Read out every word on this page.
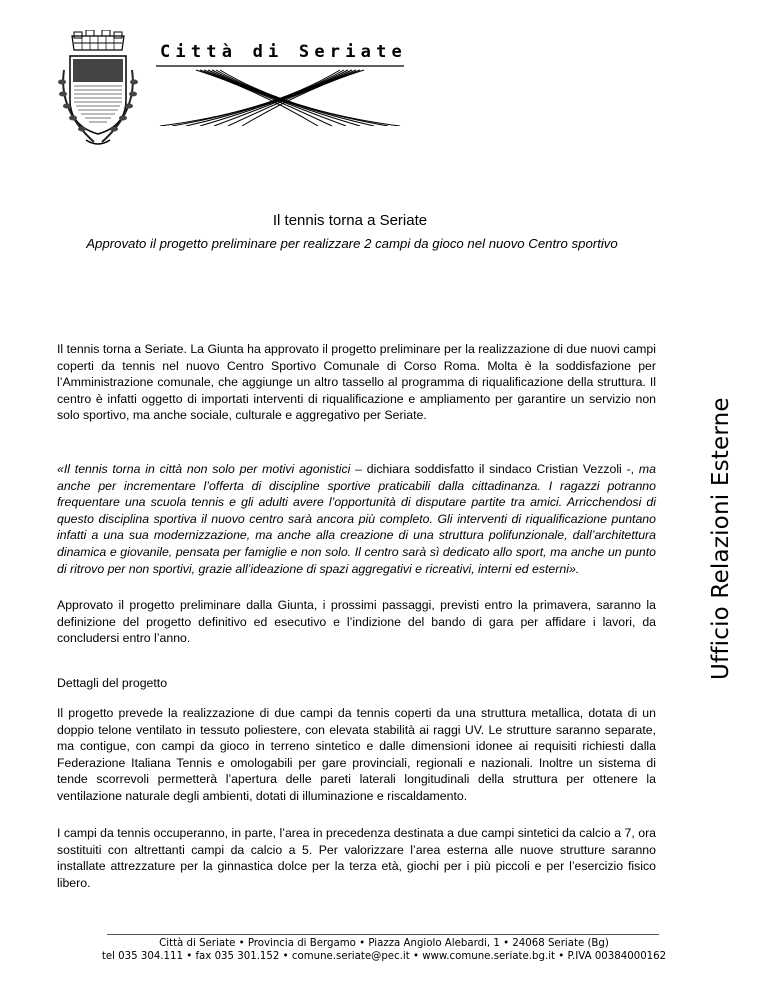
Città di Seriate
Ufficio Relazioni Esterne
Il tennis torna a Seriate
Approvato il progetto preliminare per realizzare 2 campi da gioco nel nuovo Centro sportivo

Il tennis torna a Seriate. La Giunta ha approvato il progetto preliminare per la realizzazione di due nuovi campi coperti da tennis nel nuovo Centro Sportivo Comunale di Corso Roma. Molta è la soddisfazione per l’Amministrazione comunale, che aggiunge un altro tassello al programma di riqualificazione della struttura. Il centro è infatti oggetto di importati interventi di riqualificazione e ampliamento per garantire un servizio non solo sportivo, ma anche sociale, culturale e aggregativo per Seriate.

«Il tennis torna in città non solo per motivi agonistici – dichiara soddisfatto il sindaco Cristian Vezzoli -, ma anche per incrementare l’offerta di discipline sportive praticabili dalla cittadinanza. I ragazzi potranno frequentare una scuola tennis e gli adulti avere l’opportunità di disputare partite tra amici. Arricchendosi di questo disciplina sportiva il nuovo centro sarà ancora più completo. Gli interventi di riqualificazione puntano infatti a una sua modernizzazione, ma anche alla creazione di una struttura polifunzionale, dall’architettura dinamica e giovanile, pensata per famiglie e non solo. Il centro sarà sì dedicato allo sport, ma anche un punto di ritrovo per non sportivi, grazie all’ideazione di spazi aggregativi e ricreativi, interni ed esterni».

Approvato il progetto preliminare dalla Giunta, i prossimi passaggi, previsti entro la primavera, saranno la definizione del progetto definitivo ed esecutivo e l’indizione del bando di gara per affidare i lavori, da concludersi entro l’anno.

Dettagli del progetto

Il progetto prevede la realizzazione di due campi da tennis coperti da una struttura metallica, dotata di un doppio telone ventilato in tessuto poliestere, con elevata stabilità ai raggi UV. Le strutture saranno separate, ma contigue, con campi da gioco in terreno sintetico e dalle dimensioni idonee ai requisiti richiesti dalla Federazione Italiana Tennis e omologabili per gare provinciali, regionali e nazionali. Inoltre un sistema di tende scorrevoli permetterà l’apertura delle pareti laterali longitudinali della struttura per ottenere la ventilazione naturale degli ambienti, dotati di illuminazione e riscaldamento.

I campi da tennis occuperanno, in parte, l’area in precedenza destinata a due campi sintetici da calcio a 7, ora sostituiti con altrettanti campi da calcio a 5. Per valorizzare l’area esterna alle nuove strutture saranno installate attrezzature per la ginnastica dolce per la terza età, giochi per i più piccoli e per l’esercizio fisico libero.

Città di Seriate • Provincia di Bergamo • Piazza Angiolo Alebardi, 1 • 24068 Seriate (Bg)
tel 035 304.111 • fax 035 301.152 • comune.seriate@pec.it • www.comune.seriate.bg.it • P.IVA 00384000162
